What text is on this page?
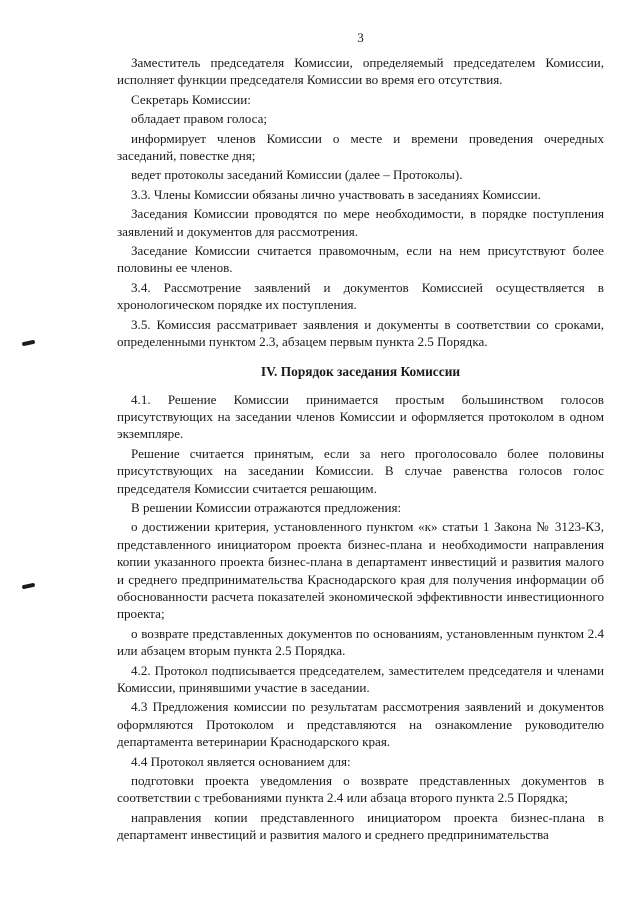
3

Заместитель председателя Комиссии, определяемый председателем Комиссии, исполняет функции председателя Комиссии во время его отсутствия.

Секретарь Комиссии:

обладает правом голоса;

информирует членов Комиссии о месте и времени проведения очередных заседаний, повестке дня;

ведет протоколы заседаний Комиссии (далее – Протоколы).

3.3. Члены Комиссии обязаны лично участвовать в заседаниях Комиссии.

Заседания Комиссии проводятся по мере необходимости, в порядке поступления заявлений и документов для рассмотрения.

Заседание Комиссии считается правомочным, если на нем присутствуют более половины ее членов.

3.4. Рассмотрение заявлений и документов Комиссией осуществляется в хронологическом порядке их поступления.

3.5. Комиссия рассматривает заявления и документы в соответствии со сроками, определенными пунктом 2.3, абзацем первым пункта 2.5 Порядка.

IV. Порядок заседания Комиссии

4.1. Решение Комиссии принимается простым большинством голосов присутствующих на заседании членов Комиссии и оформляется протоколом в одном экземпляре.

Решение считается принятым, если за него проголосовало более половины присутствующих на заседании Комиссии. В случае равенства голосов голос председателя Комиссии считается решающим.

В решении Комиссии отражаются предложения:

о достижении критерия, установленного пунктом «к» статьи 1 Закона № 3123-КЗ, представленного инициатором проекта бизнес-плана и необходимости направления копии указанного проекта бизнес-плана в департамент инвестиций и развития малого и среднего предпринимательства Краснодарского края для получения информации об обоснованности расчета показателей экономической эффективности инвестиционного проекта;

о возврате представленных документов по основаниям, установленным пунктом 2.4 или абзацем вторым пункта 2.5 Порядка.

4.2. Протокол подписывается председателем, заместителем председателя и членами Комиссии, принявшими участие в заседании.

4.3 Предложения комиссии по результатам рассмотрения заявлений и документов оформляются Протоколом и представляются на ознакомление руководителю департамента ветеринарии Краснодарского края.

4.4 Протокол является основанием для:

подготовки проекта уведомления о возврате представленных документов в соответствии с требованиями пункта 2.4 или абзаца второго пункта 2.5 Порядка;

направления копии представленного инициатором проекта бизнес-плана в департамент инвестиций и развития малого и среднего предпринимательства
